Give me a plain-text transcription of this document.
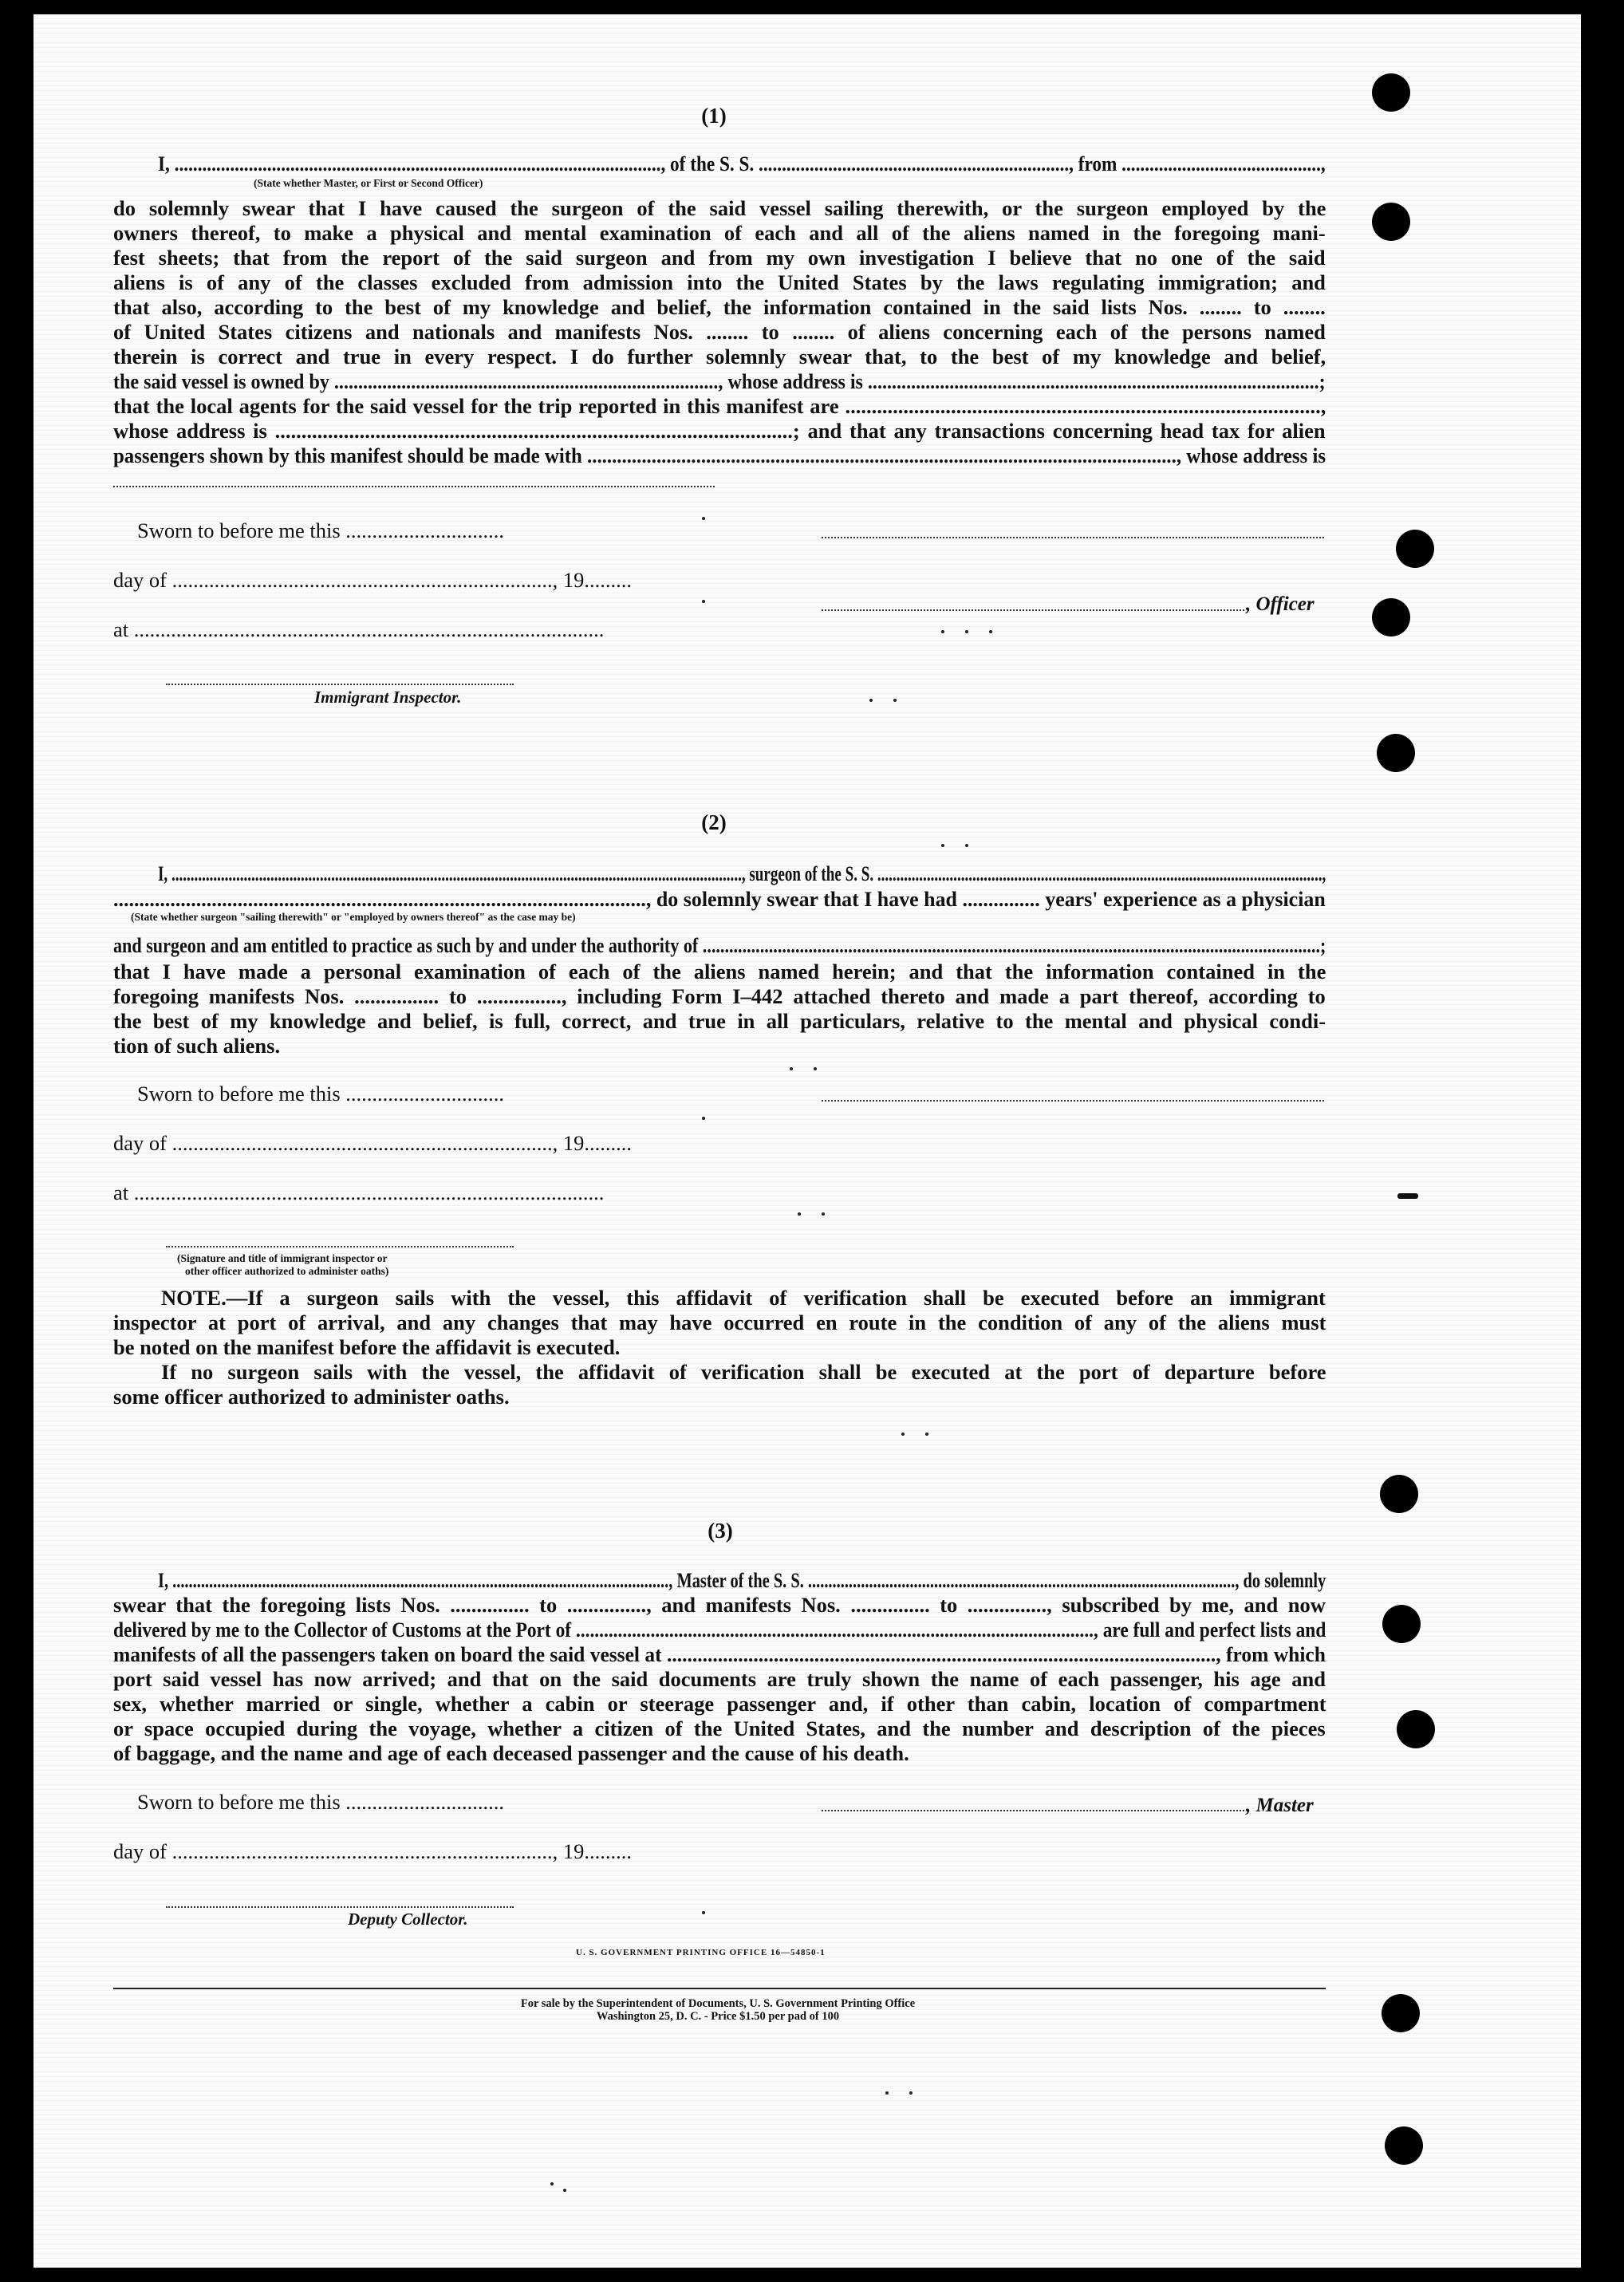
(1)
I, ........................................................................................................., of the S. S. ..................................................................., from ...........................................,
(State whether Master, or First or Second Officer)
do solemnly swear that I have caused the surgeon of the said vessel sailing therewith, or the surgeon employed by the
owners thereof, to make a physical and mental examination of each and all of the aliens named in the foregoing mani-
fest sheets; that from the report of the said surgeon and from my own investigation I believe that no one of the said
aliens is of any of the classes excluded from admission into the United States by the laws regulating immigration; and
that also, according to the best of my knowledge and belief, the information contained in the said lists Nos. ........ to ........
of United States citizens and nationals and manifests Nos. ........ to ........ of aliens concerning each of the persons named
therein is correct and true in every respect. I do further solemnly swear that, to the best of my knowledge and belief,
the said vessel is owned by ................................................................................, whose address is ..............................................................................................;
that the local agents for the said vessel for the trip reported in this manifest are ..........................................................................................,
whose address is ..................................................................................................; and that any transactions concerning head tax for alien
passengers shown by this manifest should be made with ......................................................................................................................., whose address is
Sworn to before me this ..............................
day of ........................................................................, 19.........
, Officer
at .........................................................................................
Immigrant Inspector.
(2)
I, ......................................................................................................................................................, surgeon of the S. S. .....................................................................................................................,
......................................................................................................., do solemnly swear that I have had ............... years' experience as a physician
(State whether surgeon "sailing therewith" or "employed by owners thereof" as the case may be)
and surgeon and am entitled to practice as such by and under the authority of ............................................................................................................................................;
that I have made a personal examination of each of the aliens named herein; and that the information contained in the
foregoing manifests Nos. ................ to ................, including Form I–442 attached thereto and made a part thereof, according to
the best of my knowledge and belief, is full, correct, and true in all particulars, relative to the mental and physical condi-
tion of such aliens.
Sworn to before me this ..............................
day of ........................................................................, 19.........
at .........................................................................................
(Signature and title of immigrant inspector or
other officer authorized to administer oaths)
NOTE.—If a surgeon sails with the vessel, this affidavit of verification shall be executed before an immigrant
inspector at port of arrival, and any changes that may have occurred en route in the condition of any of the aliens must
be noted on the manifest before the affidavit is executed.
If no surgeon sails with the vessel, the affidavit of verification shall be executed at the port of departure before
some officer authorized to administer oaths.
(3)
I, .........................................................................................................................., Master of the S. S. ........................................................................................................., do solemnly
swear that the foregoing lists Nos. ............... to ..............., and manifests Nos. ............... to ..............., subscribed by me, and now
delivered by me to the Collector of Customs at the Port of ..............................................................................................................., are full and perfect lists and
manifests of all the passengers taken on board the said vessel at ............................................................................................................, from which
port said vessel has now arrived; and that on the said documents are truly shown the name of each passenger, his age and
sex, whether married or single, whether a cabin or steerage passenger and, if other than cabin, location of compartment
or space occupied during the voyage, whether a citizen of the United States, and the number and description of the pieces
of baggage, and the name and age of each deceased passenger and the cause of his death.
Sworn to before me this ..............................	, Master
day of ........................................................................, 19.........
Deputy Collector.
U. S. GOVERNMENT PRINTING OFFICE 16—54850-1
For sale by the Superintendent of Documents, U. S. Government Printing Office
Washington 25, D. C. - Price $1.50 per pad of 100
